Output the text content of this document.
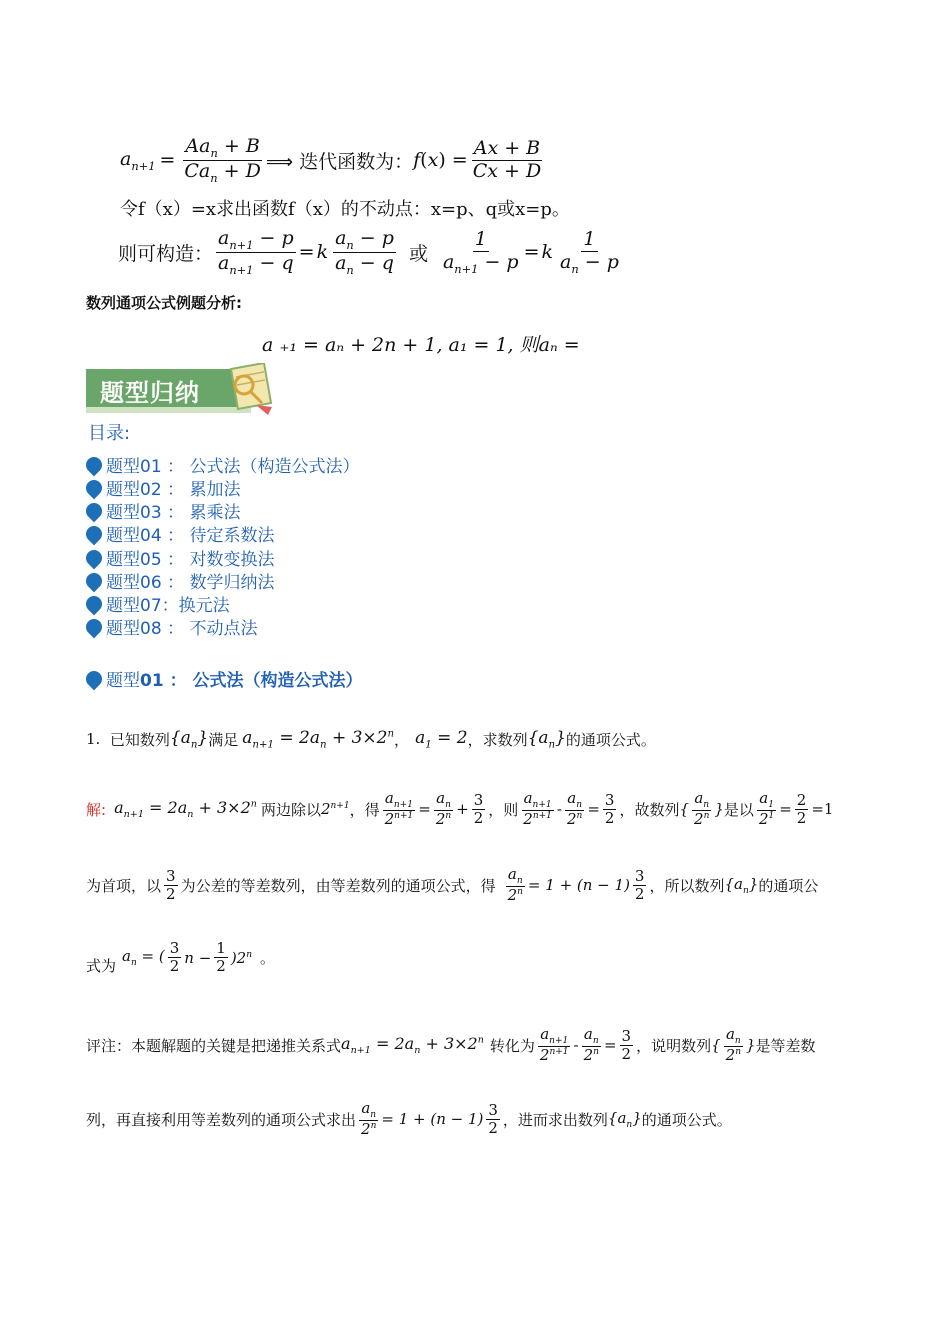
$a_{n+1} = \frac{Aa_n + B}{Ca_n + D}$ ⟹ 迭代函数为： f ( x ) = $\frac{Ax + B}{Cx + D}$
令f（x）=x求出函数f（x）的不动点：x=p、q或x=p。
则可构造： $\frac{a_{n+1} - p}{a_{n+1} - q} = k \frac{a_n - p}{a_n - q}$ 或 $\frac{1}{a_{n+1} - p} = k \frac{1}{a_n - p}$
数列通项公式例题分析:
a ₊₁ = aₙ + 2n + 1, a₁ = 1, 则aₙ =
题型归纳
目录:
题型01 ： 公式法（构造公式法）
题型02 ： 累加法
题型03 ： 累乘法
题型04 ： 待定系数法
题型05 ： 对数变换法
题型06 ： 数学归纳法
题型07：换元法
题型08 ： 不动点法
题型 01 ： 公式法（构造公式法）
1.
已知数列 $\{a_n\}$ 满足 $a_{n+1} = 2a_n + 3\times 2^n$ ， $a_1 = 2$ ，求数列 $\{a_n\}$ 的通项公式。
解: $a_{n+1} = 2a_n + 3\times 2^n$ 两边除以 $2^{n+1}$ ，得 $\frac{a_{n+1}}{2^{n+1}} = \frac{a_n}{2^n} + \frac{3}{2}$ ，则 $\frac{a_{n+1}}{2^{n+1}} - \frac{a_n}{2^n} = \frac{3}{2}$ ，故数列 { $\frac{a_n}{2^n}$ } 是以 $\frac{a_1}{2^1} = \frac{2}{2} =1$
为首项，以 $\frac{3}{2}$ 为公差的等差数列，由等差数列的通项公式，得 $\frac{a_n}{2^n} = 1 + (n - 1) \frac{3}{2}$ ，所以数列 $\{a_n\}$ 的通项公
式为
$a_n$ = ( $\frac{3}{2}$ $n - \frac{1}{2} )2^n$ 。
评注：本题解题的关键是把递推关系式 $a_{n+1} = 2a_n + 3\times 2^n$ 转化为 $\frac{a_{n+1}}{2^{n+1}} - \frac{a_n}{2^n} = \frac{3}{2}$ ，说明数列 { $\frac{a_n}{2^n}$ } 是等差数
列，再直接利用等差数列的通项公式求出 $\frac{a_n}{2^n} = 1 + (n - 1) \frac{3}{2}$ ，进而求出数列 $\{a_n\}$ 的通项公式。
